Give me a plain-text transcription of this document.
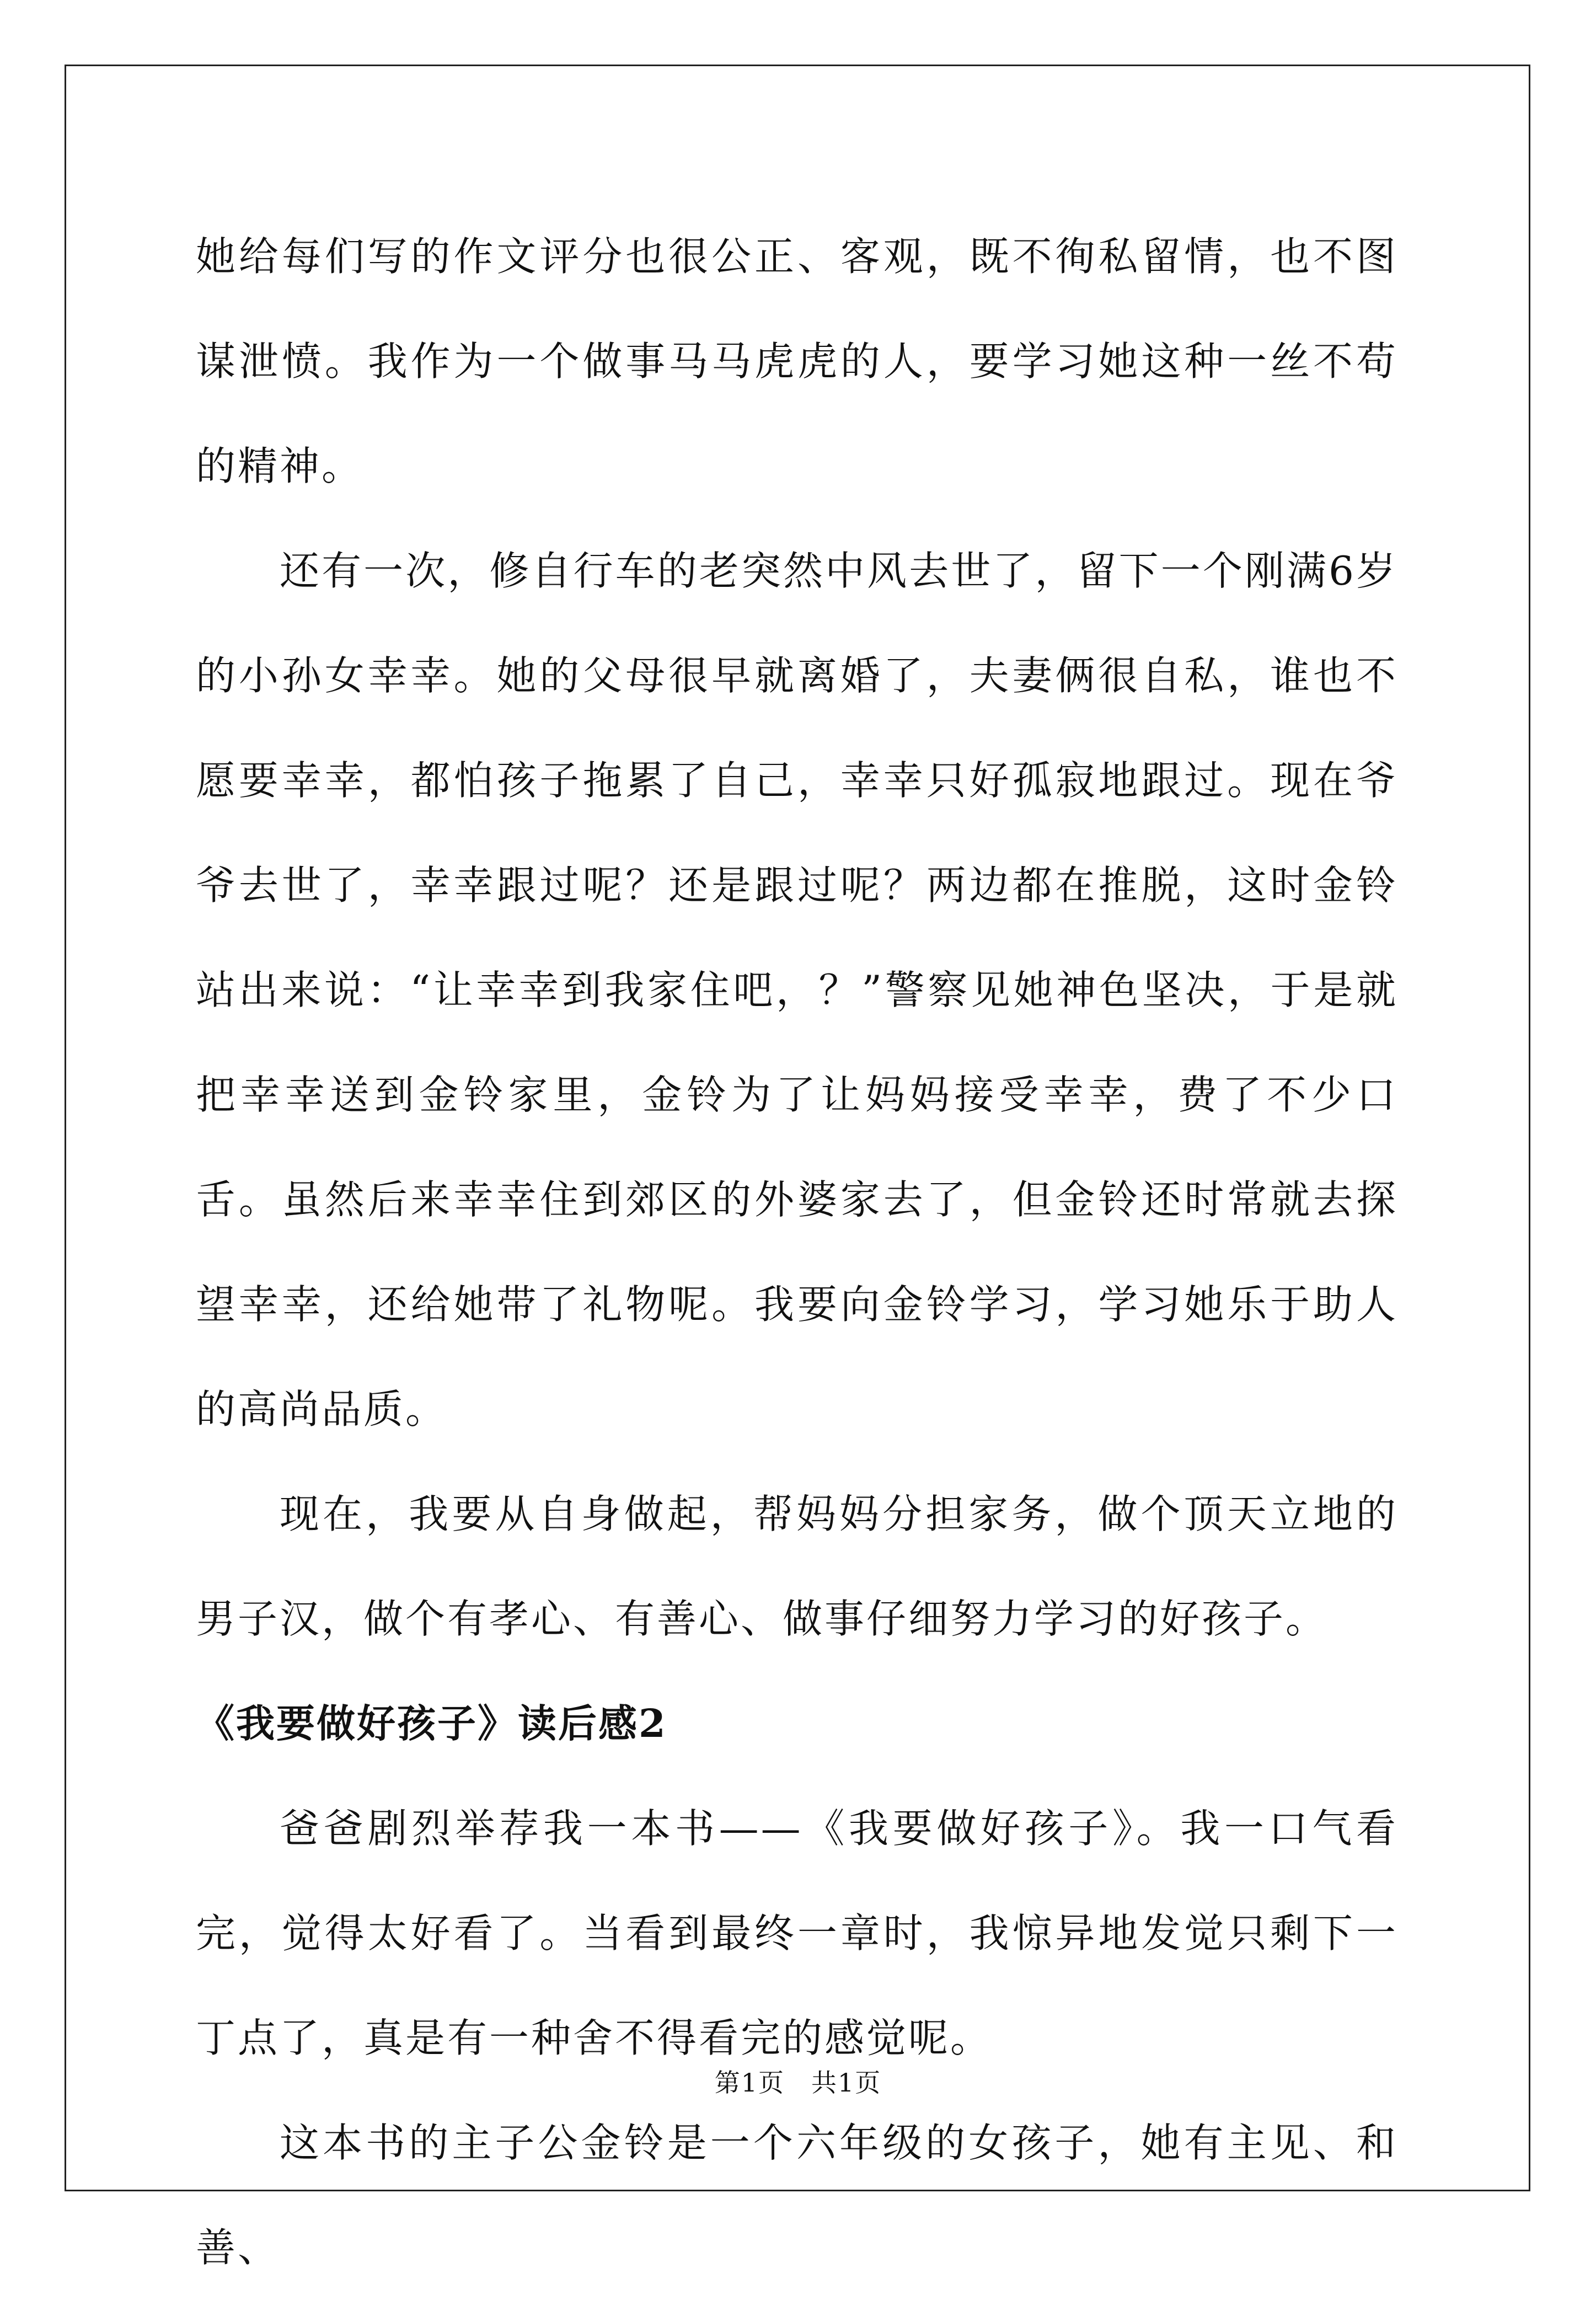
她给每们写的作文评分也很公正、客观，既不徇私留情，也不图谋泄愤。我作为一个做事马马虎虎的人，要学习她这种一丝不苟的精神。

还有一次，修自行车的老突然中风去世了，留下一个刚满6岁的小孙女幸幸。她的父母很早就离婚了，夫妻俩很自私，谁也不愿要幸幸，都怕孩子拖累了自己，幸幸只好孤寂地跟过。现在爷爷去世了，幸幸跟过呢？还是跟过呢？两边都在推脱，这时金铃站出来说：“让幸幸到我家住吧，？”警察见她神色坚决，于是就把幸幸送到金铃家里，金铃为了让妈妈接受幸幸，费了不少口舌。虽然后来幸幸住到郊区的外婆家去了，但金铃还时常就去探望幸幸，还给她带了礼物呢。我要向金铃学习，学习她乐于助人的高尚品质。

现在，我要从自身做起，帮妈妈分担家务，做个顶天立地的男子汉，做个有孝心、有善心、做事仔细努力学习的好孩子。

《我要做好孩子》读后感2

爸爸剧烈举荐我一本书——《我要做好孩子》。我一口气看完，觉得太好看了。当看到最终一章时，我惊异地发觉只剩下一丁点了，真是有一种舍不得看完的感觉呢。

这本书的主子公金铃是一个六年级的女孩子，她有主见、和善、

第1页　共1页
